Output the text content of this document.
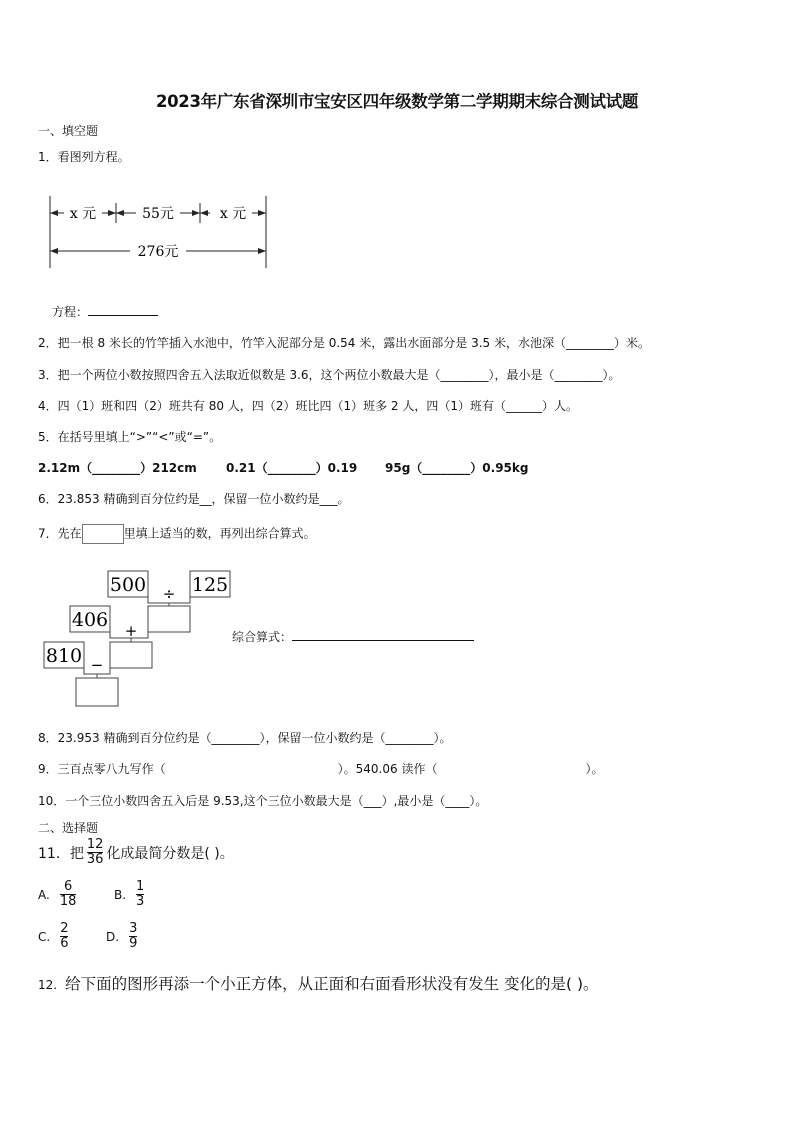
2023年广东省深圳市宝安区四年级数学第二学期期末综合测试试题
一、填空题
1．看图列方程。
x 元	55元	x 元
276元
方程：
2．把一根 8 米长的竹竿插入水池中，竹竿入泥部分是 0.54 米，露出水面部分是 3.5 米，水池深（________）米。
3．把一个两位小数按照四舍五入法取近似数是 3.6，这个两位小数最大是（________），最小是（________）。
4．四（1）班和四（2）班共有 80 人，四（2）班比四（1）班多 2 人，四（1）班有（______）人。
5．在括号里填上“>”“<”或“=”。
2.12m（________）212cm 0.21（________）0.19 95g（________）0.95kg
6．23.853 精确到百分位约是__，保留一位小数约是___。
7．先在	里填上适当的数，再列出综合算式。
500 ÷ 125
406 +
810 −
综合算式：
8．23.953 精确到百分位约是（________），保留一位小数约是（________）。
9．三百点零八九写作（	）。540.06 读作（	）。
10．一个三位小数四舍五入后是 9.53,这个三位小数最大是（___）,最小是（____）。
二、选择题
11．把 $\frac{12}{36}$ 化成最简分数是( )。
A. $\frac{6}{18}$	B. $\frac{1}{3}$
C. $\frac{2}{6}$	D. $\frac{3}{9}$
12. 给下面的图形再添一个小正方体，从正面和右面看形状没有发生 变化的是( )。
